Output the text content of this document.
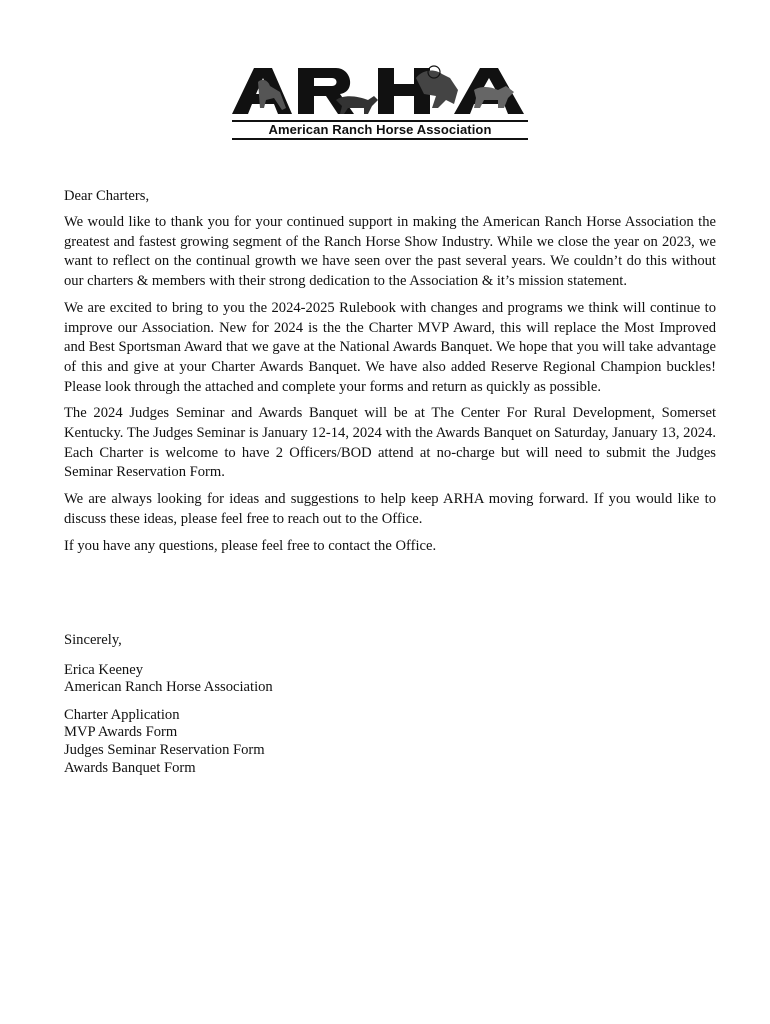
American Ranch Horse Association
Dear Charters,

We would like to thank you for your continued support in making the American Ranch Horse Association the greatest and fastest growing segment of the Ranch Horse Show Industry. While we close the year on 2023, we want to reflect on the continual growth we have seen over the past several years. We couldn’t do this without our charters & members with their strong dedication to the Association & it’s mission statement.

We are excited to bring to you the 2024-2025 Rulebook with changes and programs we think will continue to improve our Association. New for 2024 is the the Charter MVP Award, this will replace the Most Improved and Best Sportsman Award that we gave at the National Awards Banquet. We hope that you will take advantage of this and give at your Charter Awards Banquet. We have also added Reserve Regional Champion buckles! Please look through the attached and complete your forms and return as quickly as possible.

The 2024 Judges Seminar and Awards Banquet will be at The Center For Rural Development, Somerset Kentucky. The Judges Seminar is January 12-14, 2024 with the Awards Banquet on Saturday, January 13, 2024. Each Charter is welcome to have 2 Officers/BOD attend at no-charge but will need to submit the Judges Seminar Reservation Form.

We are always looking for ideas and suggestions to help keep ARHA moving forward. If you would like to discuss these ideas, please feel free to reach out to the Office.

If you have any questions, please feel free to contact the Office.

Sincerely,
Erica Keeney
American Ranch Horse Association
Charter Application
MVP Awards Form
Judges Seminar Reservation Form
Awards Banquet Form
